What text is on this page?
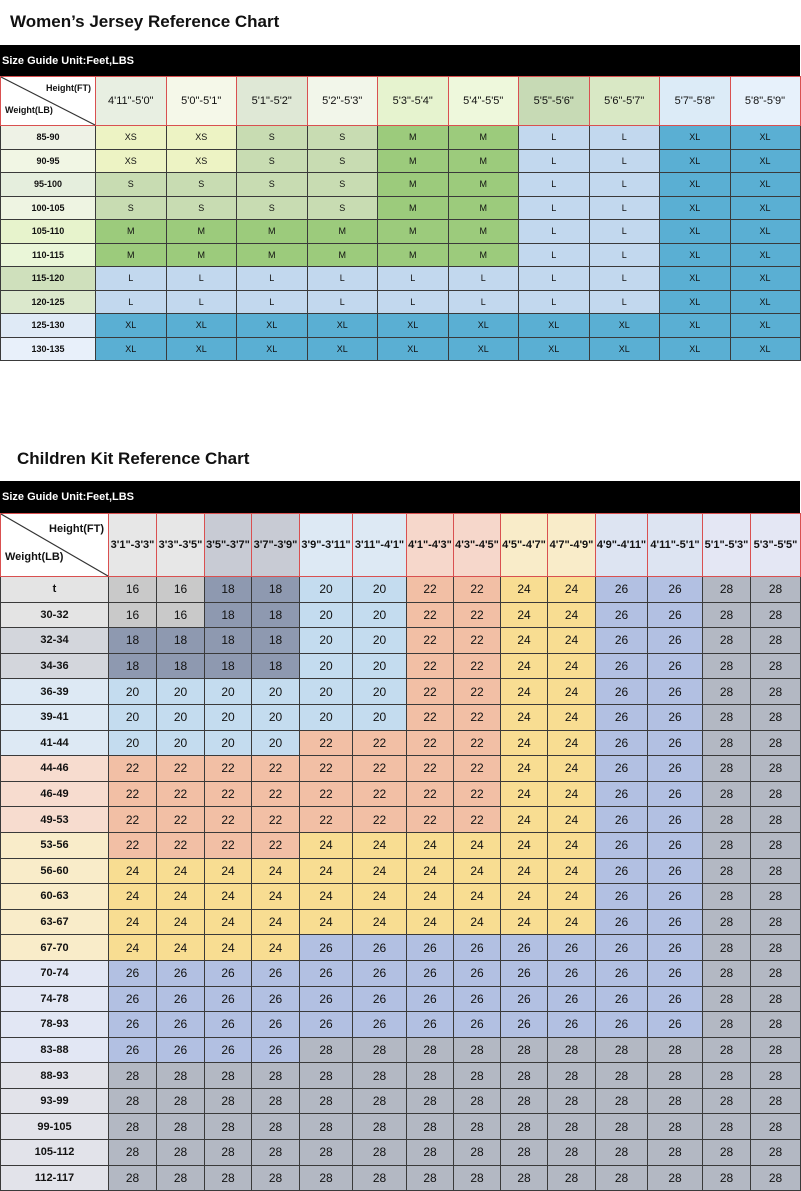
Women’s Jersey Reference Chart
Size Guide Unit:Feet,LBS
Height(FT)
Weight(LB)	4'11"-5'0"	5'0"-5'1"	5'1"-5'2"	5'2"-5'3"	5'3"-5'4"	5'4"-5'5"	5'5"-5'6"	5'6"-5'7"	5'7"-5'8"	5'8"-5'9"
85-90	XS	XS	S	S	M	M	L	L	XL	XL
90-95	XS	XS	S	S	M	M	L	L	XL	XL
95-100	S	S	S	S	M	M	L	L	XL	XL
100-105	S	S	S	S	M	M	L	L	XL	XL
105-110	M	M	M	M	M	M	L	L	XL	XL
110-115	M	M	M	M	M	M	L	L	XL	XL
115-120	L	L	L	L	L	L	L	L	XL	XL
120-125	L	L	L	L	L	L	L	L	XL	XL
125-130	XL	XL	XL	XL	XL	XL	XL	XL	XL	XL
130-135	XL	XL	XL	XL	XL	XL	XL	XL	XL	XL
Children Kit Reference Chart
Size Guide Unit:Feet,LBS
Height(FT)
Weight(LB)	3'1"-3'3"	3'3"-3'5"	3'5"-3'7"	3'7"-3'9"	3'9"-3'11"	3'11"-4'1"	4'1"-4'3"	4'3"-4'5"	4'5"-4'7"	4'7"-4'9"	4'9"-4'11"	4'11"-5'1"	5'1"-5'3"	5'3"-5'5"
t	16	16	18	18	20	20	22	22	24	24	26	26	28	28
30-32	16	16	18	18	20	20	22	22	24	24	26	26	28	28
32-34	18	18	18	18	20	20	22	22	24	24	26	26	28	28
34-36	18	18	18	18	20	20	22	22	24	24	26	26	28	28
36-39	20	20	20	20	20	20	22	22	24	24	26	26	28	28
39-41	20	20	20	20	20	20	22	22	24	24	26	26	28	28
41-44	20	20	20	20	22	22	22	22	24	24	26	26	28	28
44-46	22	22	22	22	22	22	22	22	24	24	26	26	28	28
46-49	22	22	22	22	22	22	22	22	24	24	26	26	28	28
49-53	22	22	22	22	22	22	22	22	24	24	26	26	28	28
53-56	22	22	22	22	24	24	24	24	24	24	26	26	28	28
56-60	24	24	24	24	24	24	24	24	24	24	26	26	28	28
60-63	24	24	24	24	24	24	24	24	24	24	26	26	28	28
63-67	24	24	24	24	24	24	24	24	24	24	26	26	28	28
67-70	24	24	24	24	26	26	26	26	26	26	26	26	28	28
70-74	26	26	26	26	26	26	26	26	26	26	26	26	28	28
74-78	26	26	26	26	26	26	26	26	26	26	26	26	28	28
78-93	26	26	26	26	26	26	26	26	26	26	26	26	28	28
83-88	26	26	26	26	28	28	28	28	28	28	28	28	28	28
88-93	28	28	28	28	28	28	28	28	28	28	28	28	28	28
93-99	28	28	28	28	28	28	28	28	28	28	28	28	28	28
99-105	28	28	28	28	28	28	28	28	28	28	28	28	28	28
105-112	28	28	28	28	28	28	28	28	28	28	28	28	28	28
112-117	28	28	28	28	28	28	28	28	28	28	28	28	28	28
